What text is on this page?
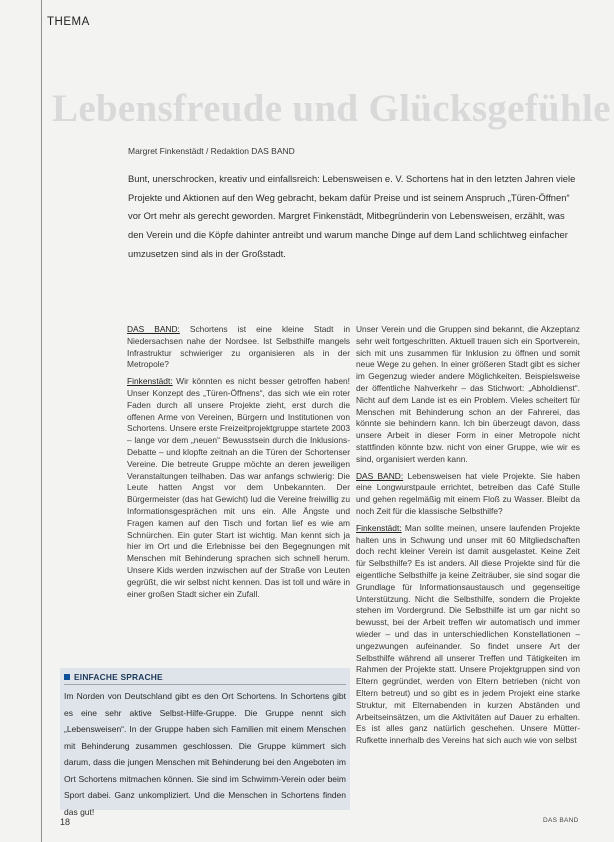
THEMA
Lebensfreude und Glücksgefühle
Margret Finkenstädt / Redaktion DAS BAND
Bunt, unerschrocken, kreativ und einfallsreich: Lebensweisen e. V. Schortens hat in den letzten Jahren viele Projekte und Aktionen auf den Weg gebracht, bekam dafür Preise und ist seinem Anspruch „Türen-Öffnen“ vor Ort mehr als gerecht geworden. Margret Finkenstädt, Mitbegründerin von Lebensweisen, erzählt, was den Verein und die Köpfe dahinter antreibt und warum manche Dinge auf dem Land schlichtweg einfacher umzusetzen sind als in der Großstadt.

DAS BAND: Schortens ist eine kleine Stadt in Niedersachsen nahe der Nordsee. Ist Selbsthilfe mangels Infrastruktur schwieriger zu organisieren als in der Metropole?

Finkenstädt: Wir könnten es nicht besser getroffen haben! Unser Konzept des „Türen-Öffnens“, das sich wie ein roter Faden durch all unsere Projekte zieht, erst durch die offenen Arme von Vereinen, Bürgern und Institutionen von Schortens. Unsere erste Freizeitprojektgruppe startete 2003 – lange vor dem „neuen“ Bewusstsein durch die Inklusions-Debatte – und klopfte zeitnah an die Türen der Schortenser Vereine. Die betreute Gruppe möchte an deren jeweiligen Veranstaltungen teilhaben. Das war anfangs schwierig: Die Leute hatten Angst vor dem Unbekannten. Der Bürgermeister (das hat Gewicht) lud die Vereine freiwillig zu Informationsgesprächen mit uns ein. Alle Ängste und Fragen kamen auf den Tisch und fortan lief es wie am Schnürchen. Ein guter Start ist wichtig. Man kennt sich ja hier im Ort und die Erlebnisse bei den Begegnungen mit Menschen mit Behinderung sprachen sich schnell herum. Unsere Kids werden inzwischen auf der Straße von Leuten gegrüßt, die wir selbst nicht kennen. Das ist toll und wäre in einer großen Stadt sicher ein Zufall.

Unser Verein und die Gruppen sind bekannt, die Akzeptanz sehr weit fortgeschritten. Aktuell trauen sich ein Sportverein, sich mit uns zusammen für Inklusion zu öffnen und somit neue Wege zu gehen. In einer größeren Stadt gibt es sicher im Gegenzug wieder andere Möglichkeiten. Beispielsweise der öffentliche Nahverkehr – das Stichwort: „Abholdienst“. Nicht auf dem Lande ist es ein Problem. Vieles scheitert für Menschen mit Behinderung schon an der Fahrerei, das könnte sie behindern kann. Ich bin überzeugt davon, dass unsere Arbeit in dieser Form in einer Metropole nicht stattfinden könnte bzw. nicht von einer Gruppe, wie wir es sind, organisiert werden kann.

DAS BAND: Lebensweisen hat viele Projekte. Sie haben eine Longwurstpaule errichtet, betreiben das Café Stulle und gehen regelmäßig mit einem Floß zu Wasser. Bleibt da noch Zeit für die klassische Selbsthilfe?

Finkenstädt: Man sollte meinen, unsere laufenden Projekte halten uns in Schwung und unser mit 60 Mitgliedschaften doch recht kleiner Verein ist damit ausgelastet. Keine Zeit für Selbsthilfe? Es ist anders. All diese Projekte sind für die eigentliche Selbsthilfe ja keine Zeiträuber, sie sind sogar die Grundlage für Informationsaustausch und gegenseitige Unterstützung. Nicht die Selbsthilfe, sondern die Projekte stehen im Vordergrund. Die Selbsthilfe ist um gar nicht so bewusst, bei der Arbeit treffen wir automatisch und immer wieder – und das in unterschiedlichen Konstellationen – ungezwungen aufeinander. So findet unsere Art der Selbsthilfe während all unserer Treffen und Tätigkeiten im Rahmen der Projekte statt. Unsere Projektgruppen sind von Eltern gegründet, werden von Eltern betrieben (nicht von Eltern betreut) und so gibt es in jedem Projekt eine starke Struktur, mit Elternabenden in kurzen Abständen und Arbeitseinsätzen, um die Aktivitäten auf Dauer zu erhalten. Es ist alles ganz natürlich geschehen. Unsere Mütter-Rufkette innerhalb des Vereins hat sich auch wie von selbst

EINFACHE SPRACHE
Im Norden von Deutschland gibt es den Ort Schortens. In Schortens gibt es eine sehr aktive Selbst-Hilfe-Gruppe. Die Gruppe nennt sich „Lebensweisen“. In der Gruppe haben sich Familien mit einem Menschen mit Behinderung zusammen geschlossen. Die Gruppe kümmert sich darum, dass die jungen Menschen mit Behinderung bei den Angeboten im Ort Schortens mitmachen können. Sie sind im Schwimm-Verein oder beim Sport dabei. Ganz unkompliziert. Und die Menschen in Schortens finden das gut!
18	DAS BAND
